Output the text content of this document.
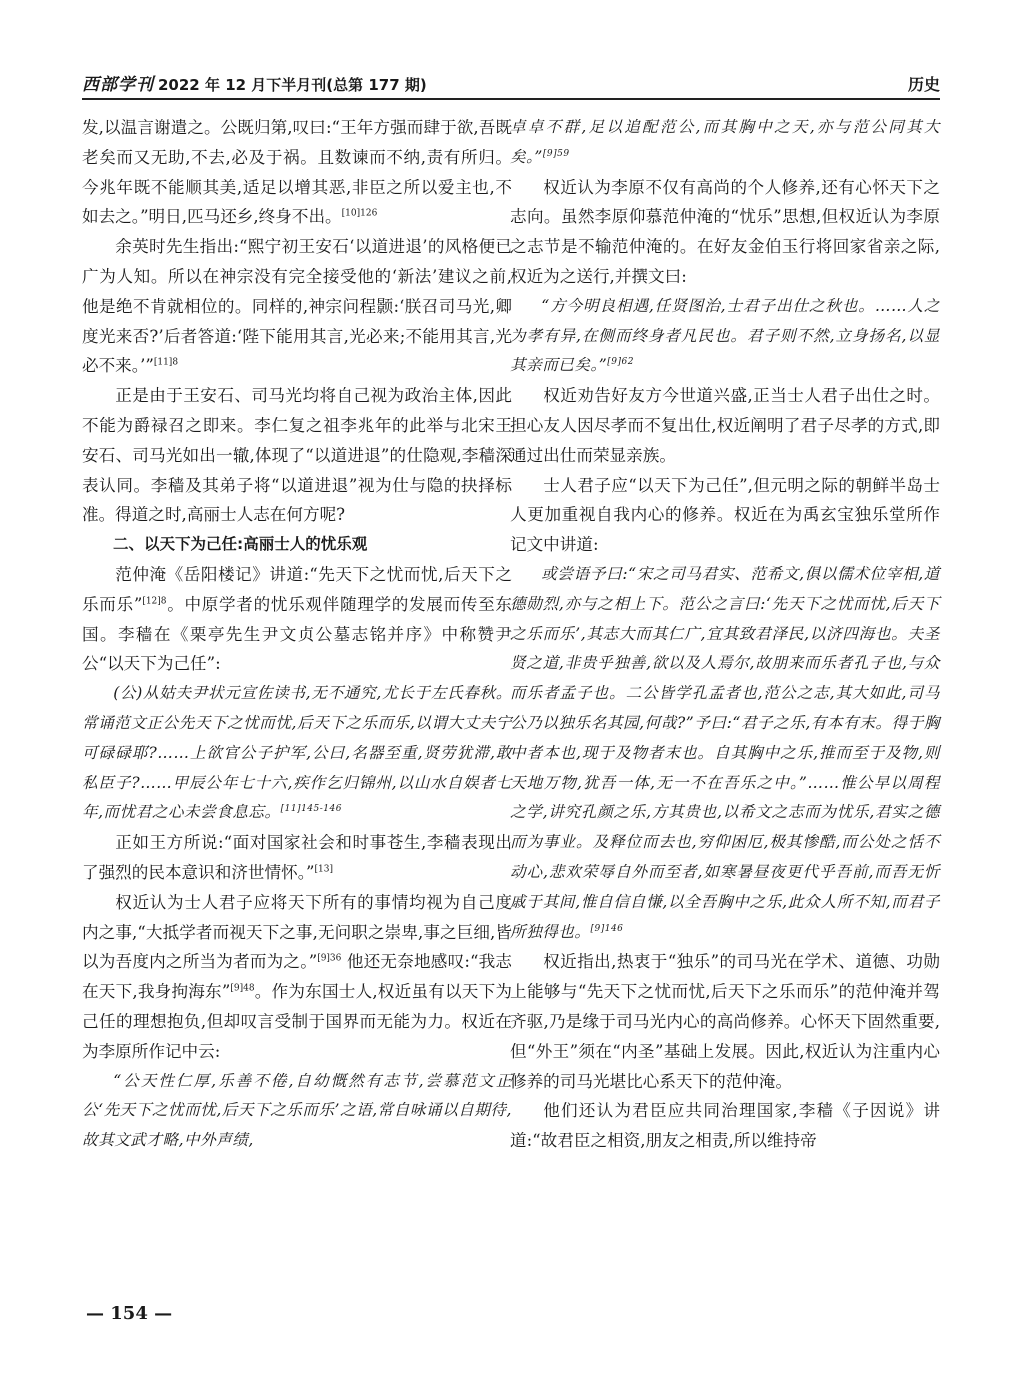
西部学刊 2022 年 12 月下半月刊(总第 177 期)	历史

发,以温言谢遣之。公既归第,叹曰:“王年方强而肆于欲,吾既老矣而又无助,不去,必及于祸。且数谏而不纳,责有所归。今兆年既不能顺其美,适足以增其恶,非臣之所以爱主也,不如去之。”明日,匹马还乡,终身不出。$^{[10]126}$

余英时先生指出:“熙宁初王安石‘以道进退’的风格便已广为人知。所以在神宗没有完全接受他的‘新法’建议之前,他是绝不肯就相位的。同样的,神宗问程颢:‘朕召司马光,卿度光来否?’后者答道:‘陛下能用其言,光必来;不能用其言,光必不来。’”$^{[11]8}$

正是由于王安石、司马光均将自己视为政治主体,因此不能为爵禄召之即来。李仁复之祖李兆年的此举与北宋王安石、司马光如出一辙,体现了“以道进退”的仕隐观,李穑深表认同。李穑及其弟子将“以道进退”视为仕与隐的抉择标准。得道之时,高丽士人志在何方呢?

二、以天下为己任:高丽士人的忧乐观

范仲淹《岳阳楼记》讲道:“先天下之忧而忧,后天下之乐而乐”$^{[12]8}$。中原学者的忧乐观伴随理学的发展而传至东国。李穑在《栗亭先生尹文贞公墓志铭并序》中称赞尹公“以天下为己任”:

(公)从姑夫尹状元宣佐读书,无不通究,尤长于左氏春秋。常诵范文正公先天下之忧而忧,后天下之乐而乐,以谓大丈夫宁可碌碌耶?……上欲官公子护军,公曰,名器至重,贤劳犹滞,敢私臣子?……甲辰公年七十六,疾作乞归锦州,以山水自娱者七年,而忧君之心未尝食息忘。$^{[11]145-146}$

正如王方所说:“面对国家社会和时事苍生,李穑表现出了强烈的民本意识和济世情怀。”[13]

权近认为士人君子应将天下所有的事情均视为自己度内之事,“大抵学者而视天下之事,无问职之崇卑,事之巨细,皆以为吾度内之所当为者而为之。”$^{[9]36}$ 他还无奈地感叹:“我志在天下,我身拘海东”$^{[9]48}$。作为东国士人,权近虽有以天下为己任的理想抱负,但却叹言受制于国界而无能为力。权近在为李原所作记中云:

“公天性仁厚,乐善不倦,自幼慨然有志节,尝慕范文正公‘先天下之忧而忧,后天下之乐而乐’之语,常自咏诵以自期待,故其文武才略,中外声绩,

卓卓不群,足以追配范公,而其胸中之天,亦与范公同其大矣。”$^{[9]59}$

权近认为李原不仅有高尚的个人修养,还有心怀天下之志向。虽然李原仰慕范仲淹的“忧乐”思想,但权近认为李原之志节是不输范仲淹的。在好友金伯玉行将回家省亲之际,权近为之送行,并撰文曰:

“方今明良相遇,任贤图治,士君子出仕之秋也。……人之为孝有异,在侧而终身者凡民也。君子则不然,立身扬名,以显其亲而已矣。”$^{[9]62}$

权近劝告好友方今世道兴盛,正当士人君子出仕之时。担心友人因尽孝而不复出仕,权近阐明了君子尽孝的方式,即通过出仕而荣显亲族。

士人君子应“以天下为己任”,但元明之际的朝鲜半岛士人更加重视自我内心的修养。权近在为禹玄宝独乐堂所作记文中讲道:

或尝语予曰:“宋之司马君实、范希文,俱以儒术位宰相,道德勋烈,亦与之相上下。范公之言曰:‘先天下之忧而忧,后天下之乐而乐’,其志大而其仁广,宜其致君泽民,以济四海也。夫圣贤之道,非贵乎独善,欲以及人焉尔,故朋来而乐者孔子也,与众而乐者孟子也。二公皆学孔孟者也,范公之志,其大如此,司马公乃以独乐名其园,何哉?”予曰:“君子之乐,有本有末。得于胸中者本也,现于及物者末也。自其胸中之乐,推而至于及物,则天地万物,犹吾一体,无一不在吾乐之中。”……惟公早以周程之学,讲究孔颜之乐,方其贵也,以希文之志而为忧乐,君实之德而为事业。及释位而去也,穷仰困厄,极其惨酷,而公处之恬不动心,悲欢荣辱自外而至者,如寒暑昼夜更代乎吾前,而吾无忻戚于其间,惟自信自慊,以全吾胸中之乐,此众人所不知,而君子所独得也。$^{[9]146}$

权近指出,热衷于“独乐”的司马光在学术、道德、功勋上能够与“先天下之忧而忧,后天下之乐而乐”的范仲淹并驾齐驱,乃是缘于司马光内心的高尚修养。心怀天下固然重要,但“外王”须在“内圣”基础上发展。因此,权近认为注重内心修养的司马光堪比心系天下的范仲淹。

他们还认为君臣应共同治理国家,李穑《子因说》讲道:“故君臣之相资,朋友之相责,所以维持帝

— 154 —
